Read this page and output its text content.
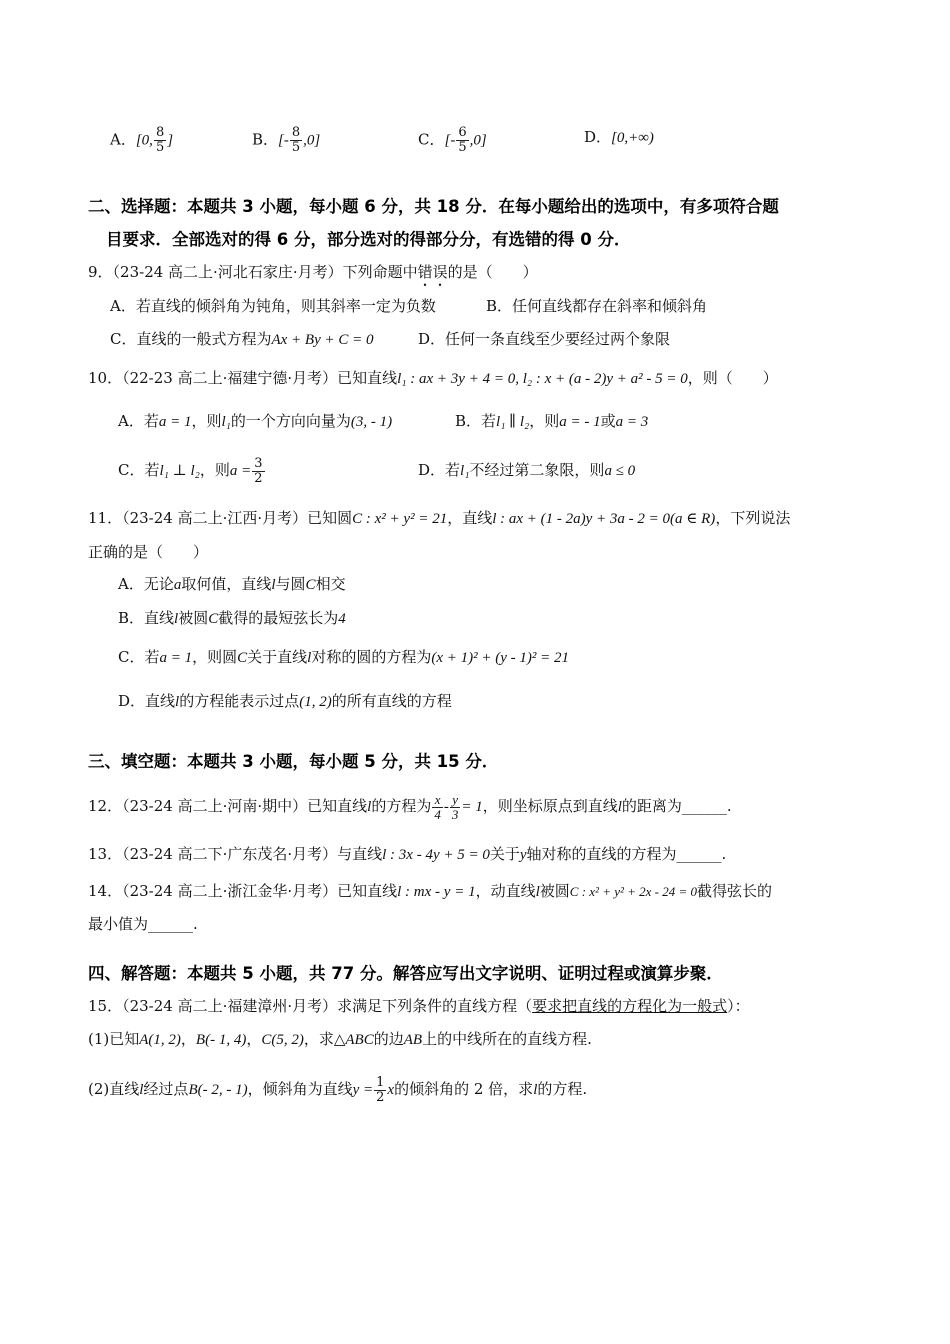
A．[0, $\frac{8}{5}$ ]	B．[- $\frac{8}{5} ,0$]	C．[- $\frac{6}{5} ,0$]	D．[0,+∞)
二、选择题：本题共 3 小题，每小题 6 分，共 18 分．在每小题给出的选项中，有多项符合题
目要求．全部选对的得 6 分，部分选对的得部分分，有选错的得 0 分．
9．（23-24 高二上·河北石家庄·月考）下列命题中错误的是（　　）
A．若直线的倾斜角为钝角，则其斜率一定为负数	B．任何直线都存在斜率和倾斜角
C．直线的一般式方程为Ax + By + C = 0	D．任何一条直线至少要经过两个象限
10．（22-23 高二上·福建宁德·月考）已知直线l₁ : ax + 3y + 4 = 0, l₂ : x + (a - 2)y + a² - 5 = 0，则（　　）
A．若a = 1，则l₁的一个方向向量为(3, - 1)	B．若l₁ ∥ l₂，则a = - 1或a = 3
C．若l₁ ⊥ l₂，则$a = \frac{3}{2}$	D．若l₁不经过第二象限，则a ≤ 0
11．（23-24 高二上·江西·月考）已知圆C : x² + y² = 21，直线l : ax + (1 - 2a)y + 3a - 2 = 0(a ∈ R)，下列说法
正确的是（　　）
A．无论a取何值，直线l与圆C相交
B．直线l被圆C截得的最短弦长为4
C．若a = 1，则圆C关于直线l对称的圆的方程为(x + 1)² + (y - 1)² = 21
D．直线l的方程能表示过点(1, 2)的所有直线的方程
三、填空题：本题共 3 小题，每小题 5 分，共 15 分．
12．（23-24 高二上·河南·期中）已知直线l的方程为 $\frac{x}{4} - \frac{y}{3} = 1$，则坐标原点到直线l的距离为______.
13．（23-24 高二下·广东茂名·月考）与直线l : 3x - 4y + 5 = 0关于y轴对称的直线的方程为______.
14．（23-24 高二上·浙江金华·月考）已知直线l : mx - y = 1，动直线l被圆C : x² + y² + 2x - 24 = 0截得弦长的
最小值为______.
四、解答题：本题共 5 小题，共 77 分。解答应写出文字说明、证明过程或演算步聚．
15．（23-24 高二上·福建漳州·月考）求满足下列条件的直线方程（要求把直线的方程化为一般式）：
(1)已知A(1, 2)，B(- 1, 4)，C(5, 2)，求△ABC的边AB上的中线所在的直线方程.
(2)直线l经过点B(- 2, - 1)，倾斜角为直线$y = \frac{1}{2}$ x的倾斜角的 2 倍，求l的方程.
